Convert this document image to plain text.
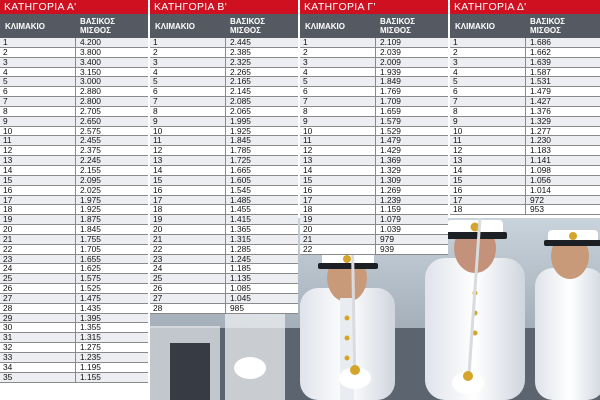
ΚΑΤΗΓΟΡΙΑ Α'
ΚΛΙΜΑΚΙΟ	ΒΑΣΙΚΟΣ ΜΙΣΘΟΣ
1	4.200
2	3.800
3	3.400
4	3.150
5	3.000
6	2.880
7	2.800
8	2.705
9	2.650
10	2.575
11	2.455
12	2.375
13	2.245
14	2.155
15	2.095
16	2.025
17	1.975
18	1.925
19	1.875
20	1.845
21	1.755
22	1.705
23	1.655
24	1.625
25	1.575
26	1.525
27	1.475
28	1.435
29	1.395
30	1.355
31	1.315
32	1.275
33	1.235
34	1.195
35	1.155
ΚΑΤΗΓΟΡΙΑ Β'
ΚΛΙΜΑΚΙΟ	ΒΑΣΙΚΟΣ ΜΙΣΘΟΣ
1	2.445
2	2.385
3	2.325
4	2.265
5	2.165
6	2.145
7	2.085
8	2.065
9	1.995
10	1.925
11	1.845
12	1.785
13	1.725
14	1.665
15	1.605
16	1.545
17	1.485
18	1.455
19	1.415
20	1.365
21	1.315
22	1.285
23	1.245
24	1.185
25	1.135
26	1.085
27	1.045
28	985
ΚΑΤΗΓΟΡΙΑ Γ'
ΚΛΙΜΑΚΙΟ	ΒΑΣΙΚΟΣ ΜΙΣΘΟΣ
1	2.109
2	2.039
3	2.009
4	1.939
5	1.849
6	1.769
7	1.709
8	1.659
9	1.579
10	1.529
11	1.479
12	1.429
13	1.369
14	1.329
15	1.309
16	1.269
17	1.239
18	1.159
19	1.079
20	1.039
21	979
22	939
ΚΑΤΗΓΟΡΙΑ Δ'
ΚΛΙΜΑΚΙΟ	ΒΑΣΙΚΟΣ ΜΙΣΘΟΣ
1	1.686
2	1.662
3	1.639
4	1.587
5	1.531
6	1.479
7	1.427
8	1.376
9	1.329
10	1.277
11	1.230
12	1.183
13	1.141
14	1.098
15	1.056
16	1.014
17	972
18	953
